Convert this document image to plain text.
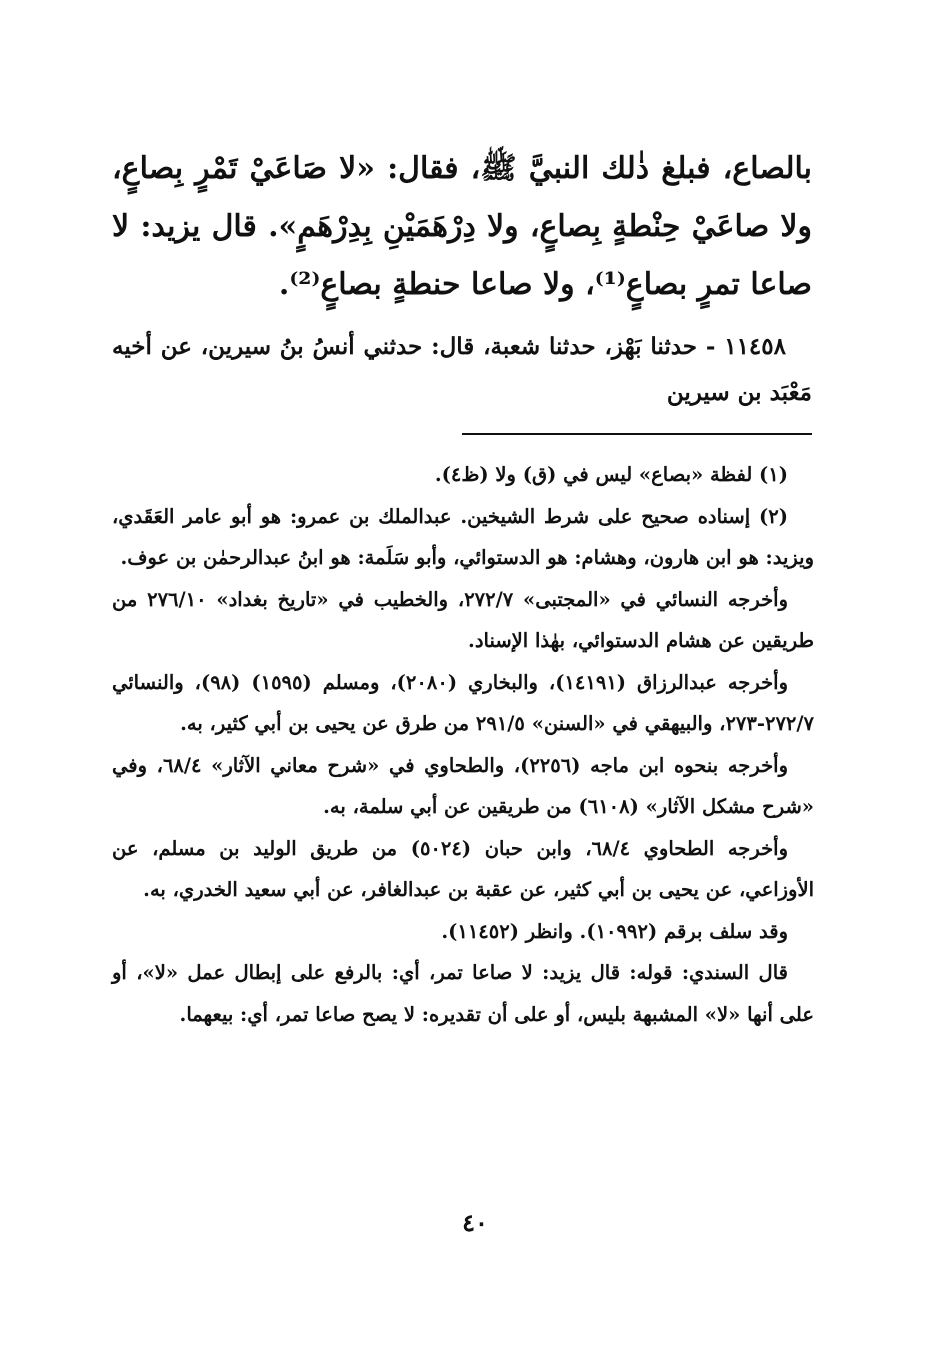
بالصاع، فبلغ ذٰلك النبيَّ ﷺ، فقال: «لا صَاعَيْ تَمْرٍ بِصاعٍ، ولا صاعَيْ حِنْطةٍ بِصاعٍ، ولا دِرْهَمَيْنِ بِدِرْهَمٍ». قال يزيد: لا صاعا تمرٍ بصاعٍ⁽¹⁾، ولا صاعا حنطةٍ بصاعٍ⁽²⁾.

١١٤٥٨ - حدثنا بَهْز، حدثنا شعبة، قال: حدثني أنسُ بنُ سيرين، عن أخيه مَعْبَد بن سيرين

(١) لفظة «بصاع» ليس في (ق) ولا (ظ٤).

(٢) إسناده صحيح على شرط الشيخين. عبدالملك بن عمرو: هو أبو عامر العَقَدي، ويزيد: هو ابن هارون، وهشام: هو الدستوائي، وأبو سَلَمة: هو ابنُ عبدالرحمٰن بن عوف.

وأخرجه النسائي في «المجتبى» ٢٧٢/٧، والخطيب في «تاريخ بغداد» ٢٧٦/١٠ من طريقين عن هشام الدستوائي، بهٰذا الإسناد.

وأخرجه عبدالرزاق (١٤١٩١)، والبخاري (٢٠٨٠)، ومسلم (١٥٩٥) (٩٨)، والنسائي ٢٧٢/٧-٢٧٣، والبيهقي في «السنن» ٢٩١/٥ من طرق عن يحيى بن أبي كثير، به.

وأخرجه بنحوه ابن ماجه (٢٢٥٦)، والطحاوي في «شرح معاني الآثار» ٦٨/٤، وفي «شرح مشكل الآثار» (٦١٠٨) من طريقين عن أبي سلمة، به.

وأخرجه الطحاوي ٦٨/٤، وابن حبان (٥٠٢٤) من طريق الوليد بن مسلم، عن الأوزاعي، عن يحيى بن أبي كثير، عن عقبة بن عبدالغافر، عن أبي سعيد الخدري، به.

وقد سلف برقم (١٠٩٩٢). وانظر (١١٤٥٢).

قال السندي: قوله: قال يزيد: لا صاعا تمر، أي: بالرفع على إبطال عمل «لا»، أو على أنها «لا» المشبهة بليس، أو على أن تقديره: لا يصح صاعا تمر، أي: بيعهما.

٤٠
